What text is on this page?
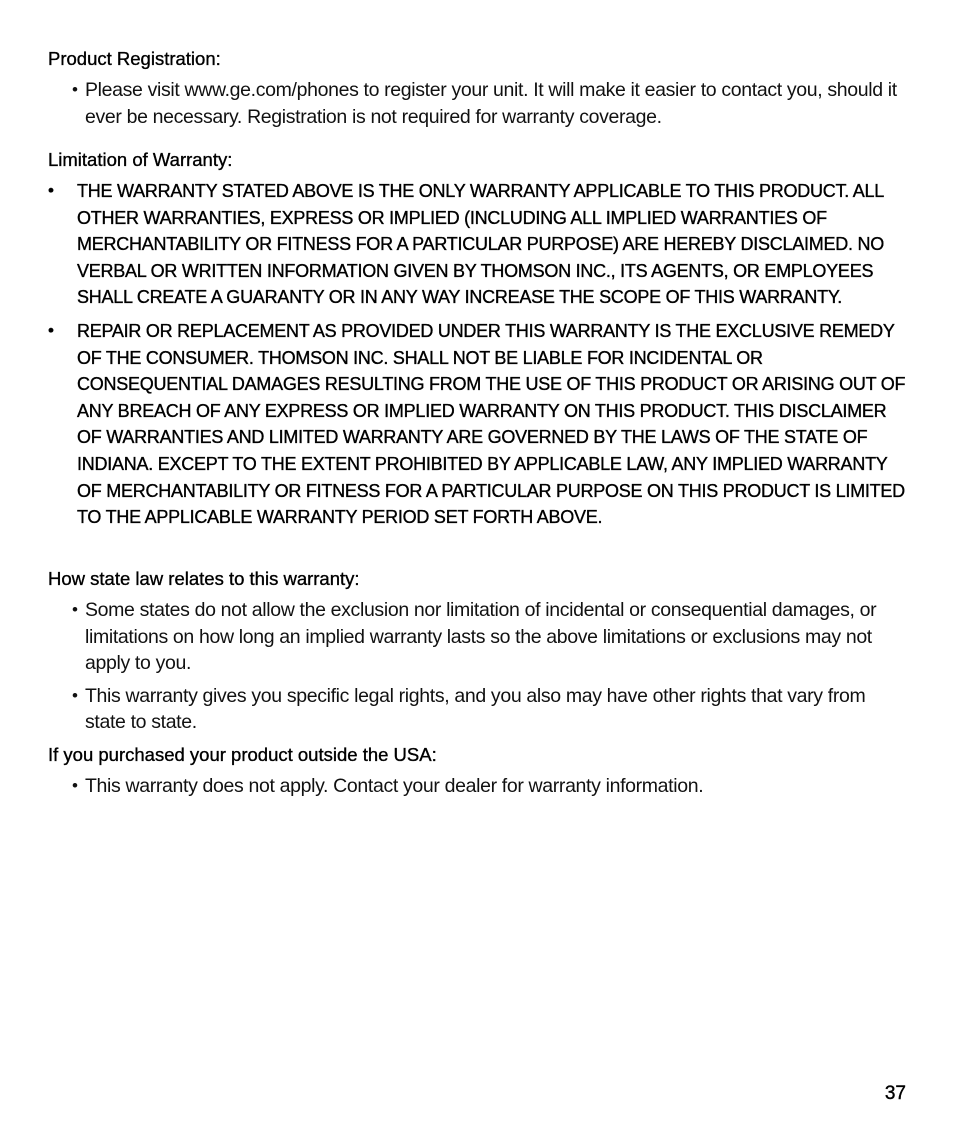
Product Registration:
• Please visit www.ge.com/phones to register your unit. It will make it easier to contact you, should it ever be necessary. Registration is not required for warranty coverage.
Limitation of Warranty:
• THE WARRANTY STATED ABOVE IS THE ONLY WARRANTY APPLICABLE TO THIS PRODUCT. ALL OTHER WARRANTIES, EXPRESS OR IMPLIED (INCLUDING ALL IMPLIED WARRANTIES OF MERCHANTABILITY OR FITNESS FOR A PARTICULAR PURPOSE) ARE HEREBY DISCLAIMED. NO VERBAL OR WRITTEN INFORMATION GIVEN BY THOMSON INC., ITS AGENTS, OR EMPLOYEES SHALL CREATE A GUARANTY OR IN ANY WAY INCREASE THE SCOPE OF THIS WARRANTY.
• REPAIR OR REPLACEMENT AS PROVIDED UNDER THIS WARRANTY IS THE EXCLUSIVE REMEDY OF THE CONSUMER. THOMSON INC. SHALL NOT BE LIABLE FOR INCIDENTAL OR CONSEQUENTIAL DAMAGES RESULTING FROM THE USE OF THIS PRODUCT OR ARISING OUT OF ANY BREACH OF ANY EXPRESS OR IMPLIED WARRANTY ON THIS PRODUCT. THIS DISCLAIMER OF WARRANTIES AND LIMITED WARRANTY ARE GOVERNED BY THE LAWS OF THE STATE OF INDIANA. EXCEPT TO THE EXTENT PROHIBITED BY APPLICABLE LAW, ANY IMPLIED WARRANTY OF MERCHANTABILITY OR FITNESS FOR A PARTICULAR PURPOSE ON THIS PRODUCT IS LIMITED TO THE APPLICABLE WARRANTY PERIOD SET FORTH ABOVE.
How state law relates to this warranty:
• Some states do not allow the exclusion nor limitation of incidental or consequential damages, or limitations on how long an implied warranty lasts so the above limitations or exclusions may not apply to you.
• This warranty gives you specific legal rights, and you also may have other rights that vary from state to state.
If you purchased your product outside the USA:
• This warranty does not apply. Contact your dealer for warranty information.
37
